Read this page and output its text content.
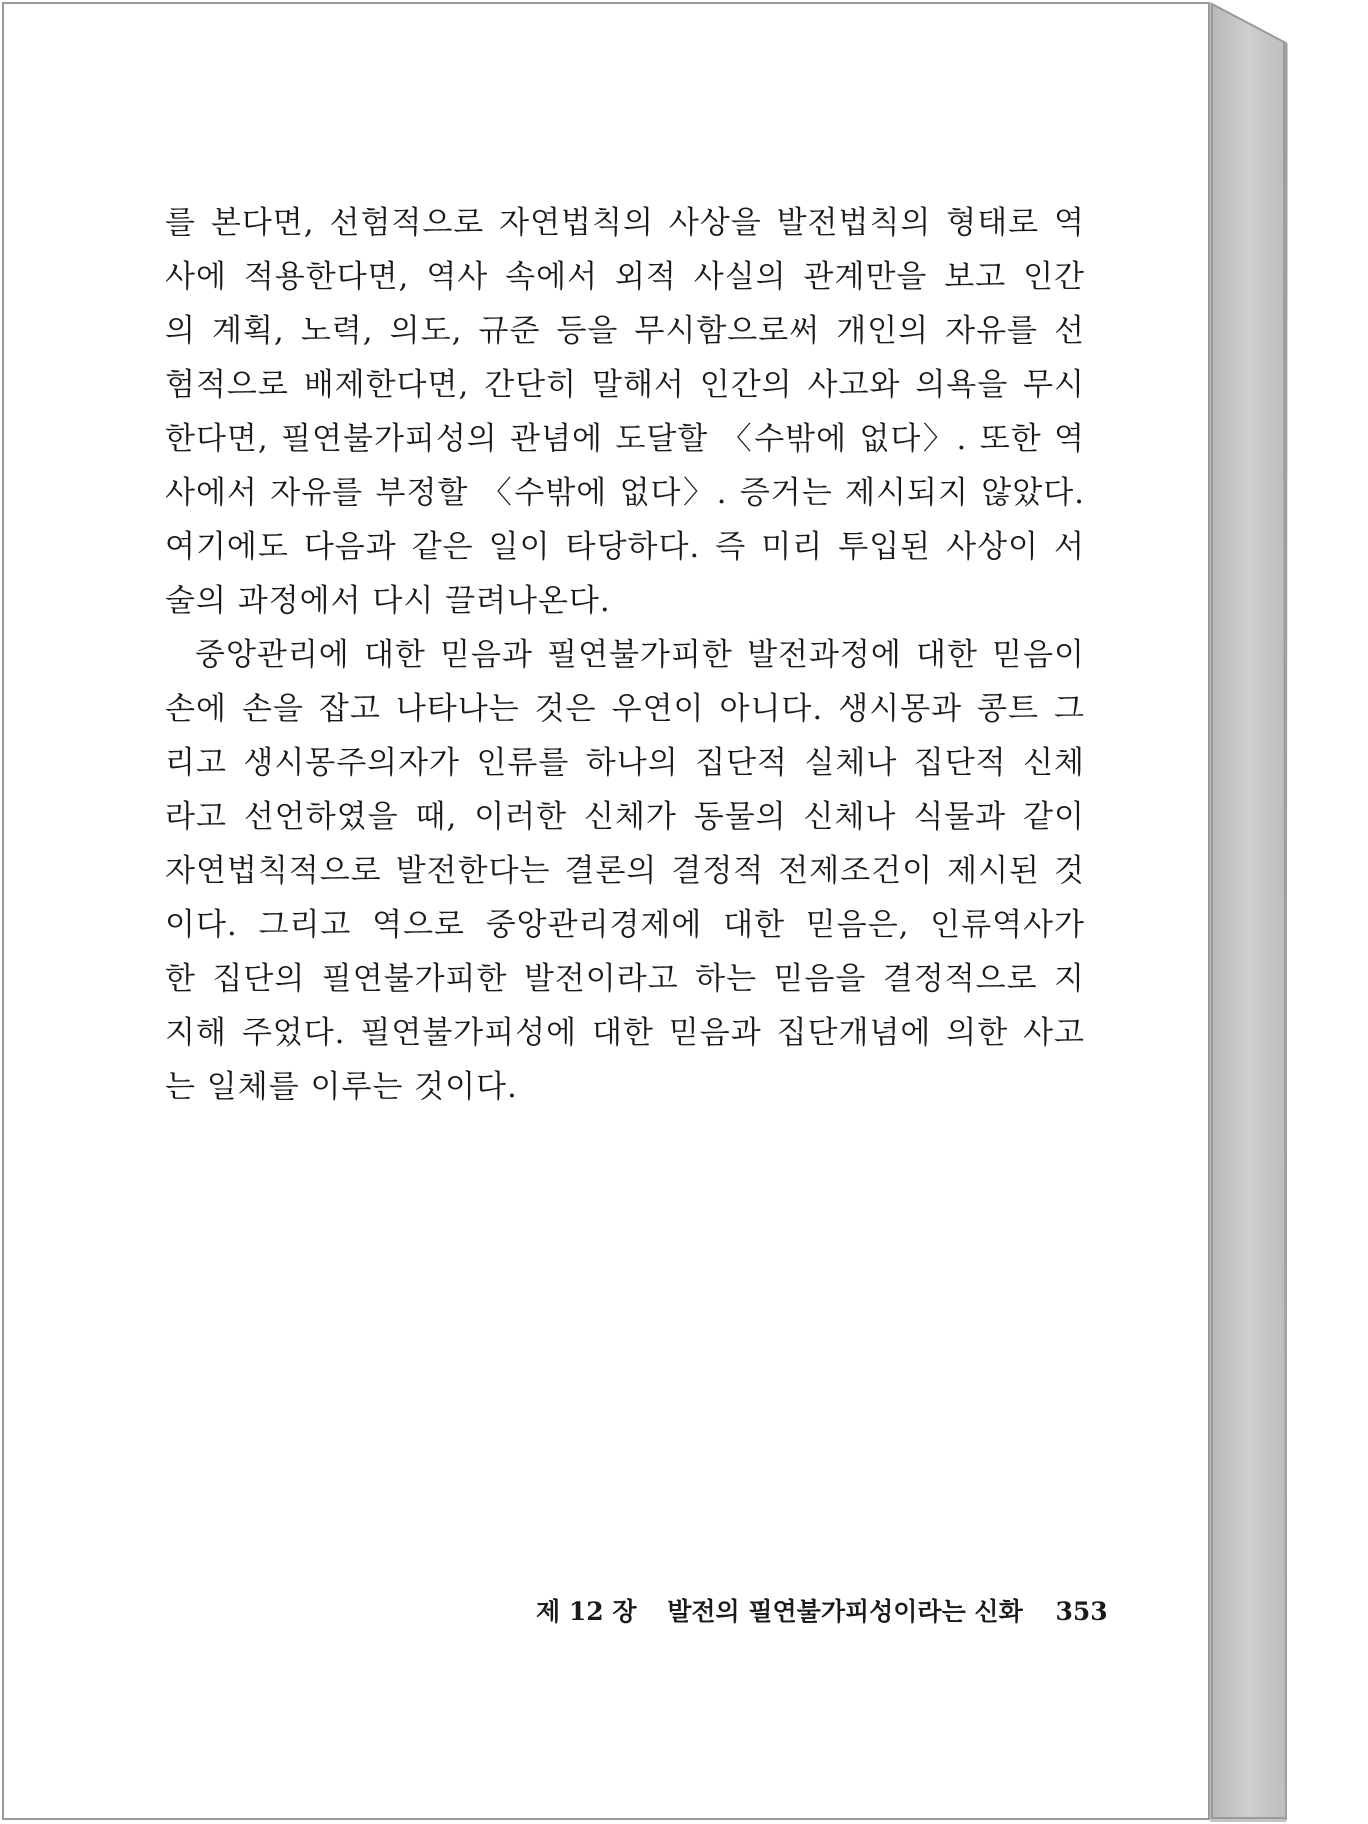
를 본다면, 선험적으로 자연법칙의 사상을 발전법칙의 형태로 역
사에 적용한다면, 역사 속에서 외적 사실의 관계만을 보고 인간
의 계획, 노력, 의도, 규준 등을 무시함으로써 개인의 자유를 선
험적으로 배제한다면, 간단히 말해서 인간의 사고와 의욕을 무시
한다면, 필연불가피성의 관념에 도달할 〈수밖에 없다〉. 또한 역
사에서 자유를 부정할 〈수밖에 없다〉. 증거는 제시되지 않았다.
여기에도 다음과 같은 일이 타당하다. 즉 미리 투입된 사상이 서
술의 과정에서 다시 끌려나온다.
중앙관리에 대한 믿음과 필연불가피한 발전과정에 대한 믿음이
손에 손을 잡고 나타나는 것은 우연이 아니다. 생시몽과 콩트 그
리고 생시몽주의자가 인류를 하나의 집단적 실체나 집단적 신체
라고 선언하였을 때, 이러한 신체가 동물의 신체나 식물과 같이
자연법칙적으로 발전한다는 결론의 결정적 전제조건이 제시된 것
이다. 그리고 역으로 중앙관리경제에 대한 믿음은, 인류역사가
한 집단의 필연불가피한 발전이라고 하는 믿음을 결정적으로 지
지해 주었다. 필연불가피성에 대한 믿음과 집단개념에 의한 사고
는 일체를 이루는 것이다.
제 12 장 발전의 필연불가피성이라는 신화 353
